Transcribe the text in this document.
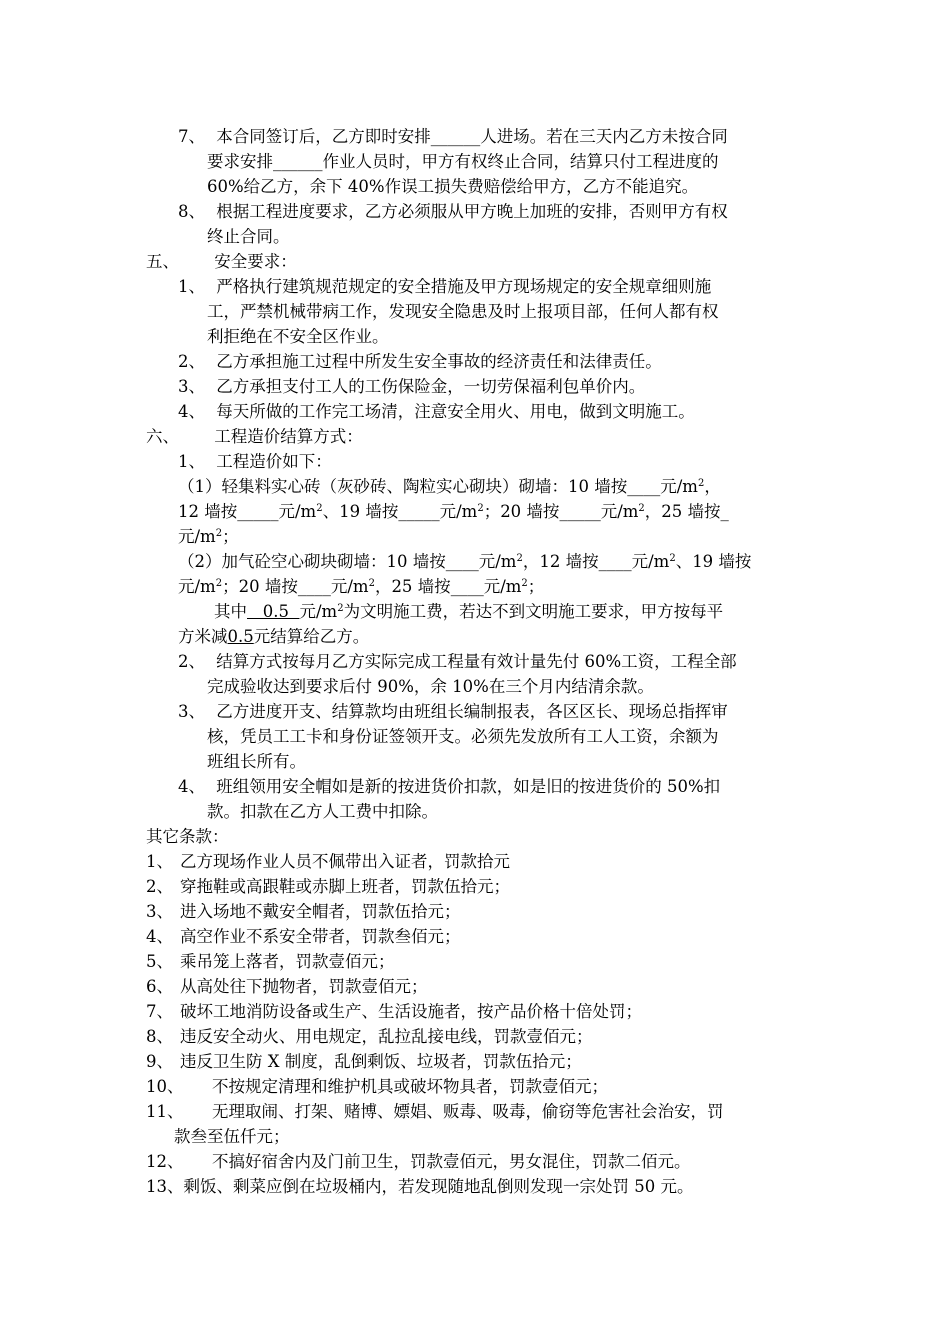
7、 本合同签订后，乙方即时安排______人进场。若在三天内乙方未按合同
要求安排______作业人员时，甲方有权终止合同，结算只付工程进度的
60%给乙方，余下 40%作误工损失费赔偿给甲方，乙方不能追究。
8、 根据工程进度要求，乙方必须服从甲方晚上加班的安排，否则甲方有权
终止合同。
五、 安全要求：
1、 严格执行建筑规范规定的安全措施及甲方现场规定的安全规章细则施
工，严禁机械带病工作，发现安全隐患及时上报项目部，任何人都有权
利拒绝在不安全区作业。
2、 乙方承担施工过程中所发生安全事故的经济责任和法律责任。
3、 乙方承担支付工人的工伤保险金，一切劳保福利包单价内。
4、 每天所做的工作完工场清，注意安全用火、用电，做到文明施工。
六、 工程造价结算方式：
1、 工程造价如下：
（1）轻集料实心砖（灰砂砖、陶粒实心砌块）砌墙：10 墙按____元$/m^2$，
12 墙按_____元$/m^2$、19 墙按_____元$/m^2$；20 墙按_____元$/m^2$，25 墙按_
元$/m^2$；
（2）加气砼空心砌块砌墙：10 墙按____元$/m^2$，12 墙按____元$/m^2$、19 墙按
元$/m^2$；20 墙按____元$/m^2$，25 墙按____元$/m^2$；
其中   0.5  元$/m^2$为文明施工费，若达不到文明施工要求，甲方按每平
方米减0.5元结算给乙方。
2、 结算方式按每月乙方实际完成工程量有效计量先付 60%工资，工程全部
完成验收达到要求后付 90%，余 10%在三个月内结清余款。
3、 乙方进度开支、结算款均由班组长编制报表，各区区长、现场总指挥审
核，凭员工工卡和身份证签领开支。必须先发放所有工人工资，余额为
班组长所有。
4、 班组领用安全帽如是新的按进货价扣款，如是旧的按进货价的 50%扣
款。扣款在乙方人工费中扣除。
其它条款：
1、 乙方现场作业人员不佩带出入证者，罚款拾元
2、 穿拖鞋或高跟鞋或赤脚上班者，罚款伍拾元；
3、 进入场地不戴安全帽者，罚款伍拾元；
4、 高空作业不系安全带者，罚款叁佰元；
5、 乘吊笼上落者，罚款壹佰元；
6、 从高处往下抛物者，罚款壹佰元；
7、 破坏工地消防设备或生产、生活设施者，按产品价格十倍处罚；
8、 违反安全动火、用电规定，乱拉乱接电线，罚款壹佰元；
9、 违反卫生防 X 制度，乱倒剩饭、垃圾者，罚款伍拾元；
10、 不按规定清理和维护机具或破坏物具者，罚款壹佰元；
11、 无理取闹、打架、赌博、嫖娼、贩毒、吸毒，偷窃等危害社会治安，罚
款叁至伍仟元；
12、 不搞好宿舍内及门前卫生，罚款壹佰元，男女混住，罚款二佰元。
13、剩饭、剩菜应倒在垃圾桶内，若发现随地乱倒则发现一宗处罚 50 元。
